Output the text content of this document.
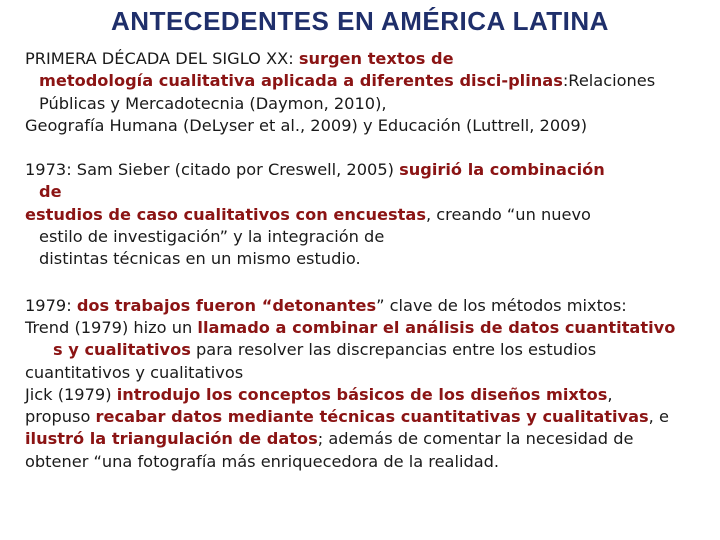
ANTECEDENTES EN AMÉRICA LATINA
PRIMERA DÉCADA DEL SIGLO XX: surgen textos de
metodología cualitativa aplicada a diferentes disci-plinas:Relaciones
Públicas y Mercadotecnia (Daymon, 2010),
Geografía Humana (DeLyser et al., 2009) y Educación (Luttrell, 2009)
1973: Sam Sieber (citado por Creswell, 2005) sugirió la combinación
de
estudios de caso cualitativos con encuestas, creando “un nuevo
estilo de investigación” y la integración de
distintas técnicas en un mismo estudio.
1979: dos trabajos fueron “detonantes” clave de los métodos mixtos:
Trend (1979) hizo un llamado a combinar el análisis de datos cuantitativo
s y cualitativos para resolver las discrepancias entre los estudios
cuantitativos y cualitativos
Jick (1979) introdujo los conceptos básicos de los diseños mixtos,
propuso recabar datos mediante técnicas cuantitativas y cualitativas, e
ilustró la triangulación de datos; además de comentar la necesidad de
obtener “una fotografía más enriquecedora de la realidad.
